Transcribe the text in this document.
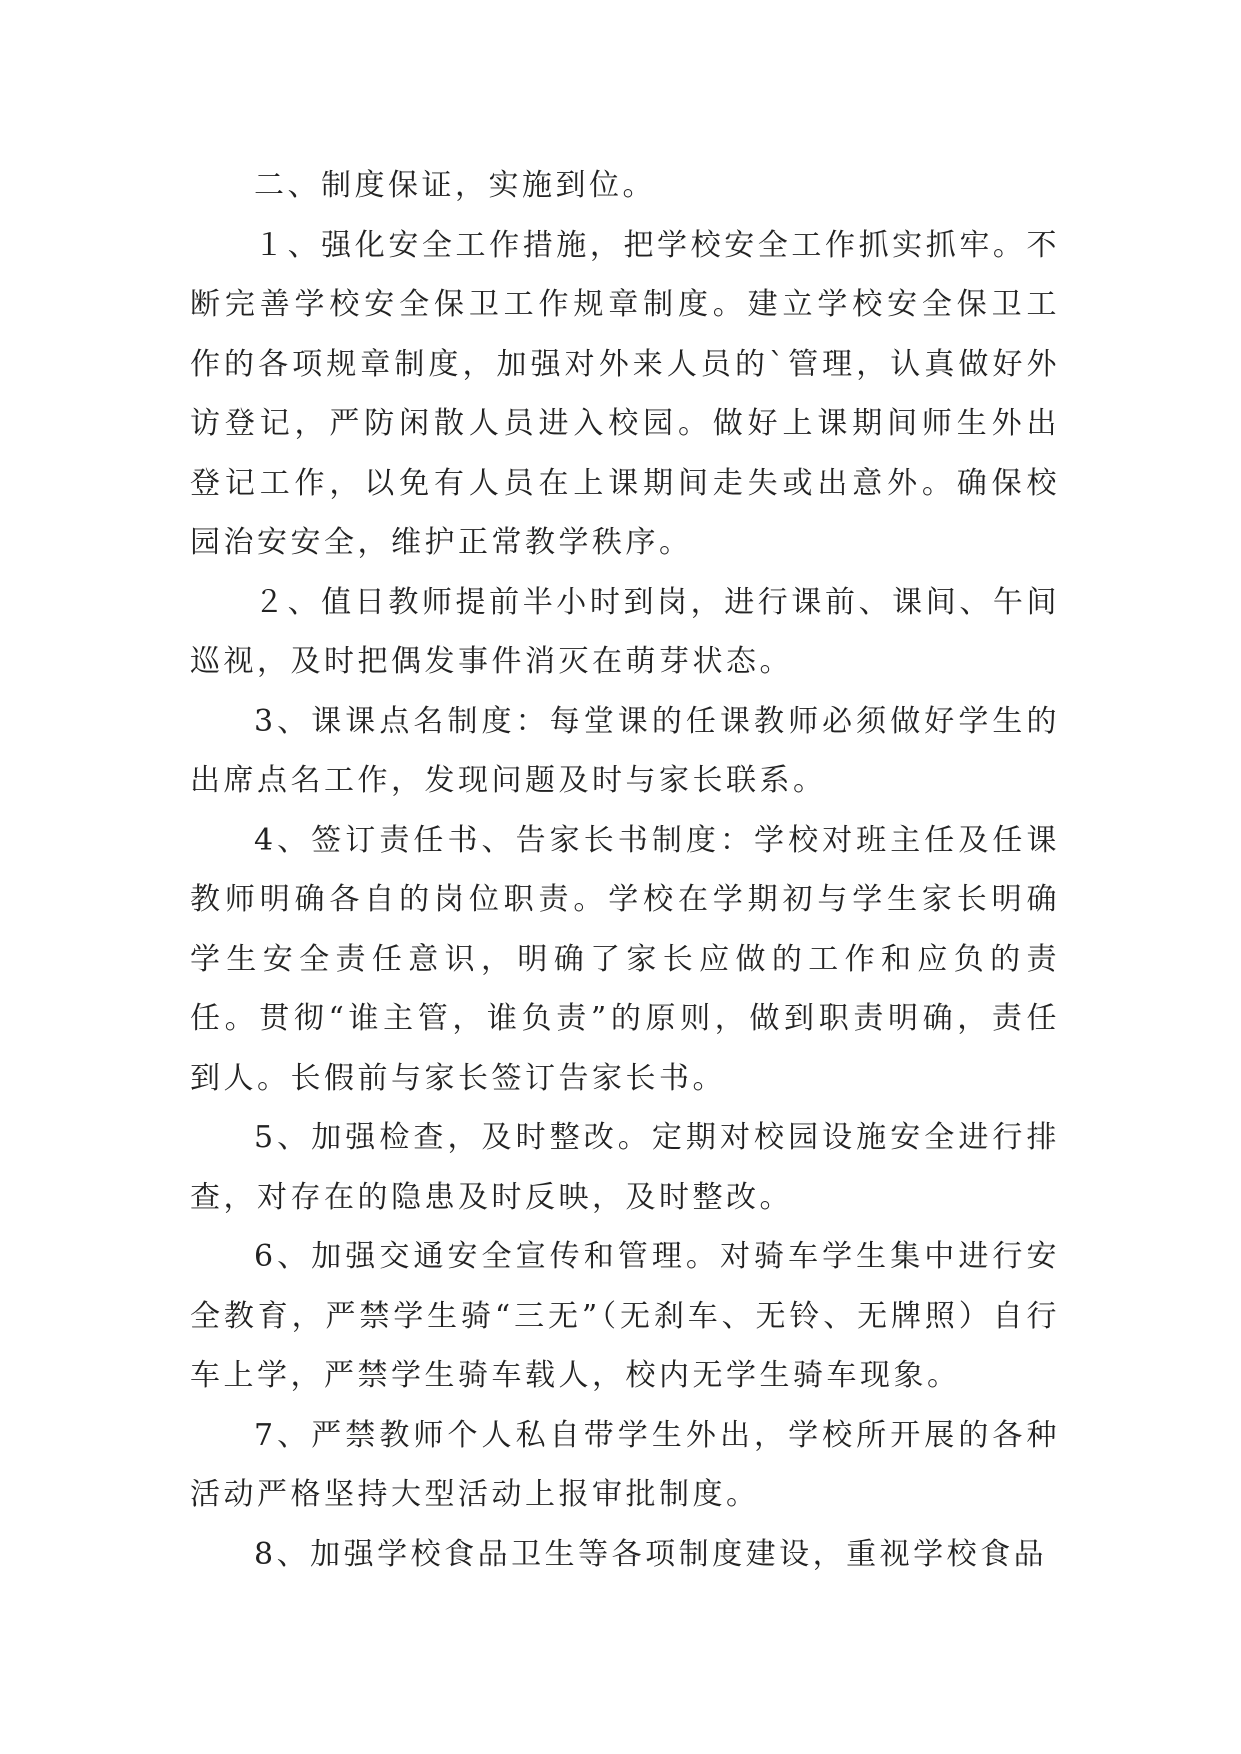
二、制度保证，实施到位。

１、强化安全工作措施，把学校安全工作抓实抓牢。不断完善学校安全保卫工作规章制度。建立学校安全保卫工作的各项规章制度，加强对外来人员的`管理，认真做好外访登记，严防闲散人员进入校园。做好上课期间师生外出登记工作，以免有人员在上课期间走失或出意外。确保校园治安安全，维护正常教学秩序。

２、值日教师提前半小时到岗，进行课前、课间、午间巡视，及时把偶发事件消灭在萌芽状态。

3、课课点名制度：每堂课的任课教师必须做好学生的出席点名工作，发现问题及时与家长联系。

4、签订责任书、告家长书制度：学校对班主任及任课教师明确各自的岗位职责。学校在学期初与学生家长明确学生安全责任意识，明确了家长应做的工作和应负的责任。贯彻“谁主管，谁负责”的原则，做到职责明确，责任到人。长假前与家长签订告家长书。

5、加强检查，及时整改。定期对校园设施安全进行排查，对存在的隐患及时反映，及时整改。

6、加强交通安全宣传和管理。对骑车学生集中进行安全教育，严禁学生骑“三无”（无刹车、无铃、无牌照）自行车上学，严禁学生骑车载人，校内无学生骑车现象。

7、严禁教师个人私自带学生外出，学校所开展的各种活动严格坚持大型活动上报审批制度。

8、加强学校食品卫生等各项制度建设，重视学校食品
